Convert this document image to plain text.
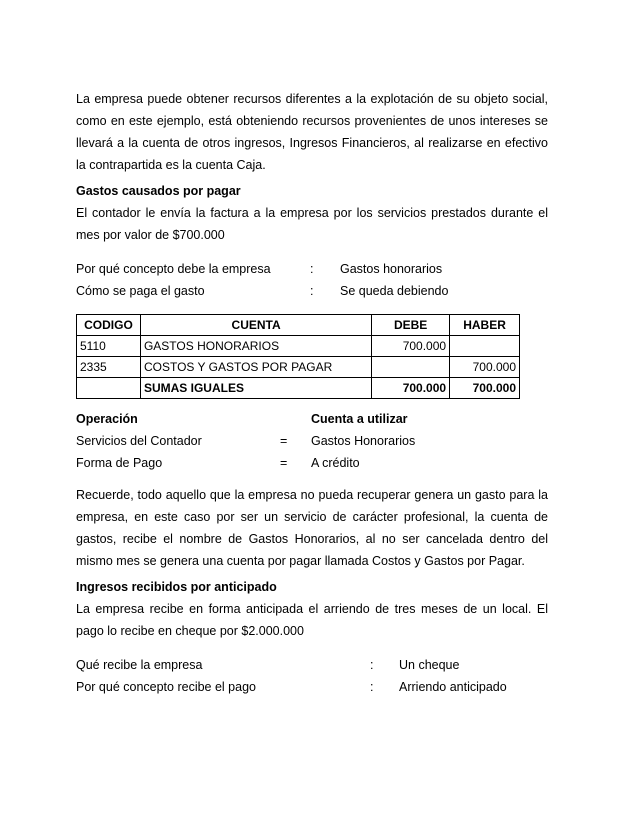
La empresa puede obtener recursos diferentes a la explotación de su objeto social, como en este ejemplo, está obteniendo recursos provenientes de unos intereses se llevará a la cuenta de otros ingresos, Ingresos Financieros, al realizarse en efectivo la contrapartida es la cuenta Caja.

Gastos causados por pagar

El contador le envía la factura a la empresa por los servicios prestados durante el mes por valor de $700.000

Por qué concepto debe la empresa	: Gastos honorarios
Cómo se paga el gasto	: Se queda debiendo
CODIGO	CUENTA	DEBE	HABER
5110	GASTOS HONORARIOS	700.000	
2335	COSTOS Y GASTOS POR PAGAR		700.000
	SUMAS IGUALES	700.000	700.000
Operación	Cuenta a utilizar
Servicios del Contador	= Gastos Honorarios
Forma de Pago	= A crédito

Recuerde, todo aquello que la empresa no pueda recuperar genera un gasto para la empresa, en este caso por ser un servicio de carácter profesional, la cuenta de gastos, recibe el nombre de Gastos Honorarios, al no ser cancelada dentro del mismo mes se genera una cuenta por pagar llamada Costos y Gastos por Pagar.

Ingresos recibidos por anticipado

La empresa recibe en forma anticipada el arriendo de tres meses de un local. El pago lo recibe en cheque por $2.000.000

Qué recibe la empresa	: Un cheque
Por qué concepto recibe el pago	: Arriendo anticipado
